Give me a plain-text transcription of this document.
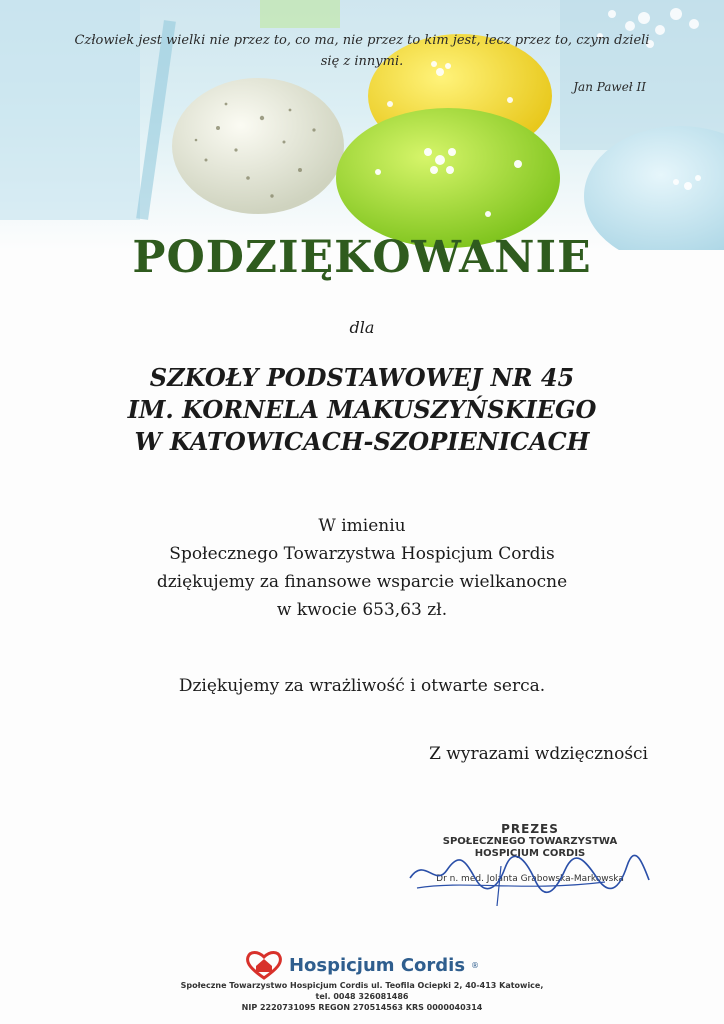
Człowiek jest wielki nie przez to, co ma, nie przez to kim jest, lecz przez to, czym dzieli
się z innymi.
Jan Paweł II
PODZIĘKOWANIE
dla
SZKOŁY PODSTAWOWEJ NR 45
IM. KORNELA MAKUSZYŃSKIEGO
W KATOWICACH-SZOPIENICACH
W imieniu
Społecznego Towarzystwa Hospicjum Cordis
dziękujemy za finansowe wsparcie wielkanocne
w kwocie 653,63 zł.
Dziękujemy za wrażliwość i otwarte serca.
Z wyrazami wdzięczności
PREZES
SPOŁECZNEGO TOWARZYSTWA
HOSPICJUM CORDIS
Dr n. med. Jolanta Grabowska-Markowska
Hospicjum Cordis ®
Społeczne Towarzystwo Hospicjum Cordis ul. Teofila Ociepki 2, 40-413 Katowice,
tel. 0048 326081486
NIP 2220731095 REGON 270514563 KRS 0000040314
